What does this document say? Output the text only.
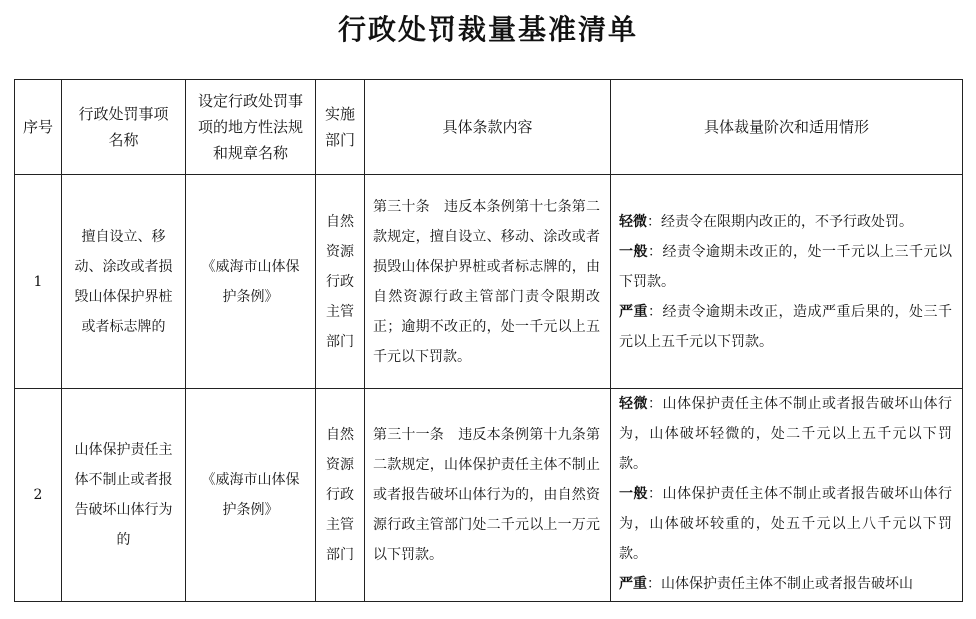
行政处罚裁量基准清单
序号	行政处罚事项名称	设定行政处罚事项的地方性法规和规章名称	实施部门	具体条款内容	具体裁量阶次和适用情形
1	擅自设立、移动、涂改或者损毁山体保护界桩或者标志牌的	《威海市山体保护条例》	自然资源行政主管部门	第三十条　违反本条例第十七条第二款规定，擅自设立、移动、涂改或者损毁山体保护界桩或者标志牌的，由自然资源行政主管部门责令限期改正；逾期不改正的，处一千元以上五千元以下罚款。	轻微：经责令在限期内改正的，不予行政处罚。
一般：经责令逾期未改正的，处一千元以上三千元以下罚款。
严重：经责令逾期未改正，造成严重后果的，处三千元以上五千元以下罚款。

2	山体保护责任主体不制止或者报告破坏山体行为的	《威海市山体保护条例》	自然资源行政主管部门	第三十一条　违反本条例第十九条第二款规定，山体保护责任主体不制止或者报告破坏山体行为的，由自然资源行政主管部门处二千元以上一万元以下罚款。	轻微：山体保护责任主体不制止或者报告破坏山体行为，山体破坏轻微的，处二千元以上五千元以下罚款。
一般：山体保护责任主体不制止或者报告破坏山体行为，山体破坏较重的，处五千元以上八千元以下罚款。
严重：山体保护责任主体不制止或者报告破坏山
